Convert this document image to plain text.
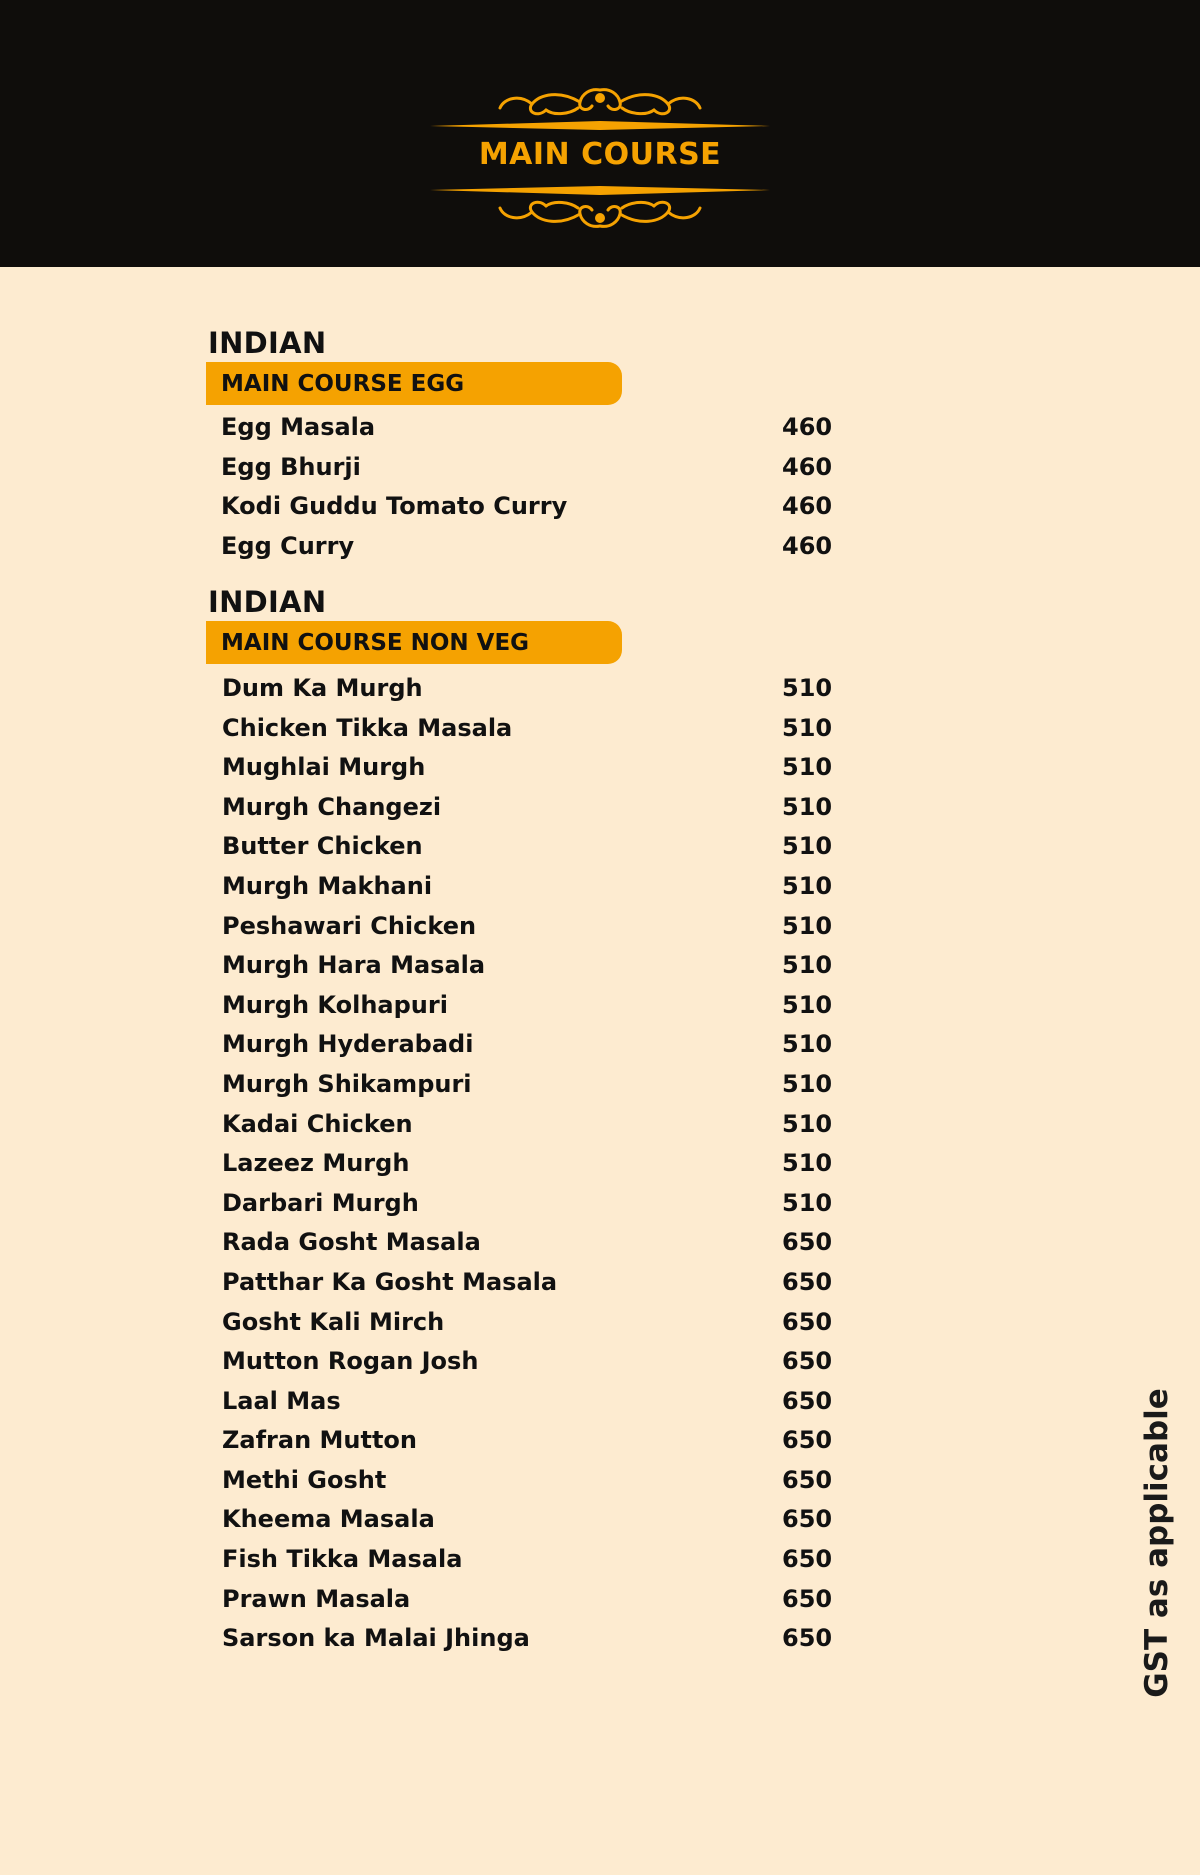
MAIN COURSE
INDIAN
MAIN COURSE EGG
Egg Masala	460
Egg Bhurji	460
Kodi Guddu Tomato Curry	460
Egg Curry	460
INDIAN
MAIN COURSE NON VEG
Dum Ka Murgh	510
Chicken Tikka Masala	510
Mughlai Murgh	510
Murgh Changezi	510
Butter Chicken	510
Murgh Makhani	510
Peshawari Chicken	510
Murgh Hara Masala	510
Murgh Kolhapuri	510
Murgh Hyderabadi	510
Murgh Shikampuri	510
Kadai Chicken	510
Lazeez Murgh	510
Darbari Murgh	510
Rada Gosht Masala	650
Patthar Ka Gosht Masala	650
Gosht Kali Mirch	650
Mutton Rogan Josh	650
Laal Mas	650
Zafran Mutton	650
Methi Gosht	650
Kheema Masala	650
Fish Tikka Masala	650
Prawn Masala	650
Sarson ka Malai Jhinga	650	GST as applicable
